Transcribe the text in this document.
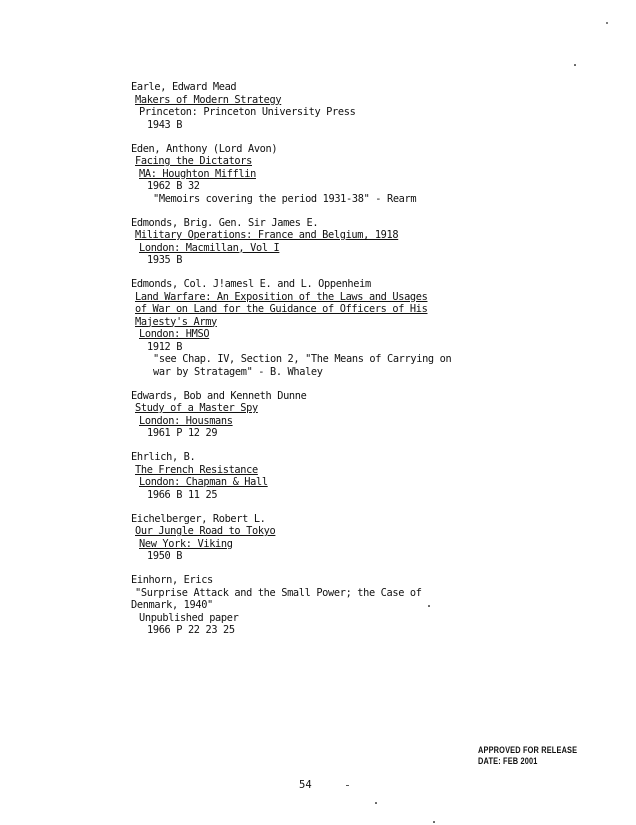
Earle, Edward Mead
Makers of Modern Strategy
Princeton: Princeton University Press
1943 B
Eden, Anthony (Lord Avon)
Facing the Dictators
MA: Houghton Mifflin
1962 B 32
"Memoirs covering the period 1931-38" - Rearm
Edmonds, Brig. Gen. Sir James E.
Military Operations: France and Belgium, 1918
London: Macmillan, Vol I
1935 B
Edmonds, Col. J!amesl E. and L. Oppenheim
Land Warfare: An Exposition of the Laws and Usages
of War on Land for the Guidance of Officers of His
Majesty's Army
London: HMSO
1912 B
"see Chap. IV, Section 2, "The Means of Carrying on
war by Stratagem" - B. Whaley
Edwards, Bob and Kenneth Dunne
Study of a Master Spy
London: Housmans
1961 P 12 29
Ehrlich, B.
The French Resistance
London: Chapman & Hall
1966 B 11 25
Eichelberger, Robert L.
Our Jungle Road to Tokyo
New York: Viking
1950 B
Einhorn, Erics
"Surprise Attack and the Small Power; the Case of
Denmark, 1940"
Unpublished paper
1966 P 22 23 25
APPROVED FOR RELEASE
DATE: FEB 2001
54
